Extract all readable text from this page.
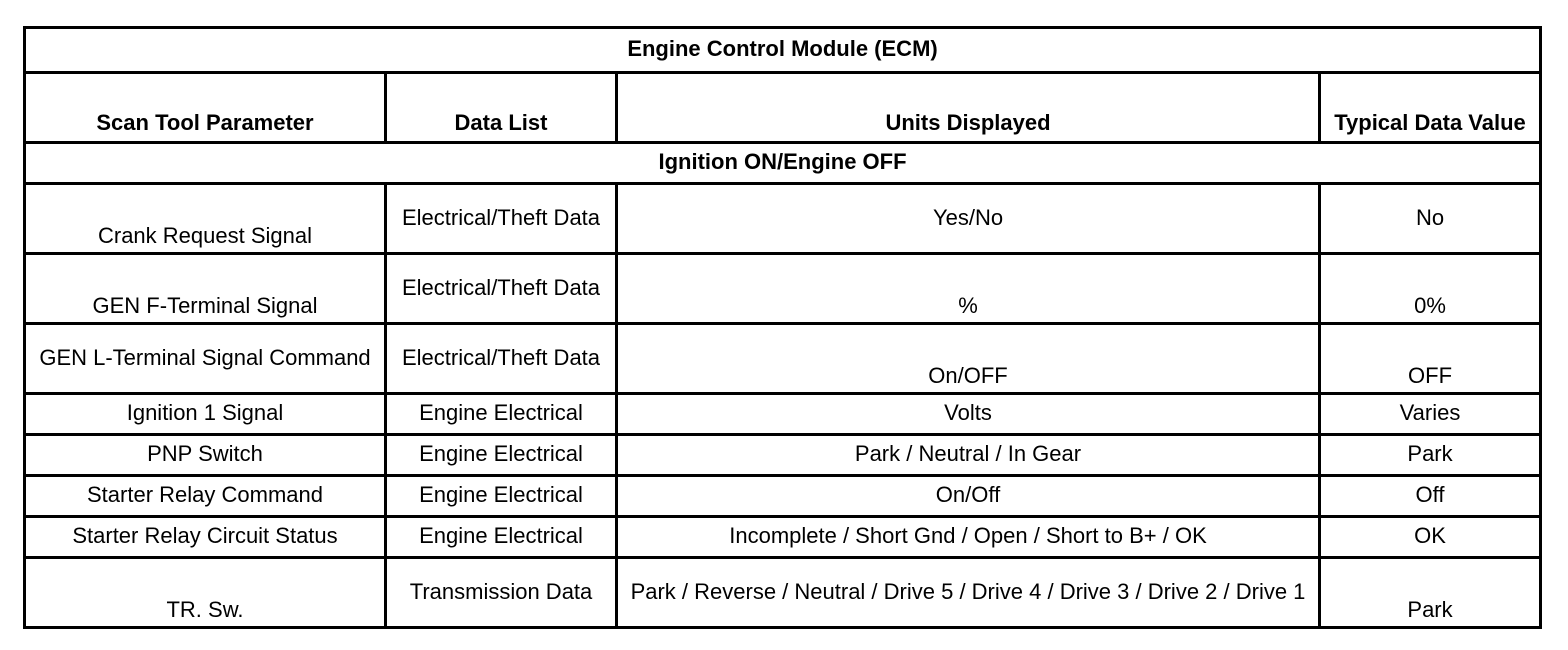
Engine Control Module (ECM)			
Scan Tool Parameter	Data List	Units Displayed	Typical Data Value
Ignition ON/Engine OFF			
Crank Request Signal	Electrical/Theft Data	Yes/No	No
GEN F-Terminal Signal	Electrical/Theft Data	%	0%
GEN L-Terminal Signal Command	Electrical/Theft Data	On/OFF	OFF
Ignition 1 Signal	Engine Electrical	Volts	Varies
PNP Switch	Engine Electrical	Park / Neutral / In Gear	Park
Starter Relay Command	Engine Electrical	On/Off	Off
Starter Relay Circuit Status	Engine Electrical	Incomplete / Short Gnd / Open / Short to B+ / OK	OK
TR. Sw.	Transmission Data	Park / Reverse / Neutral / Drive 5 / Drive 4 / Drive 3 / Drive 2 / Drive 1	Park
